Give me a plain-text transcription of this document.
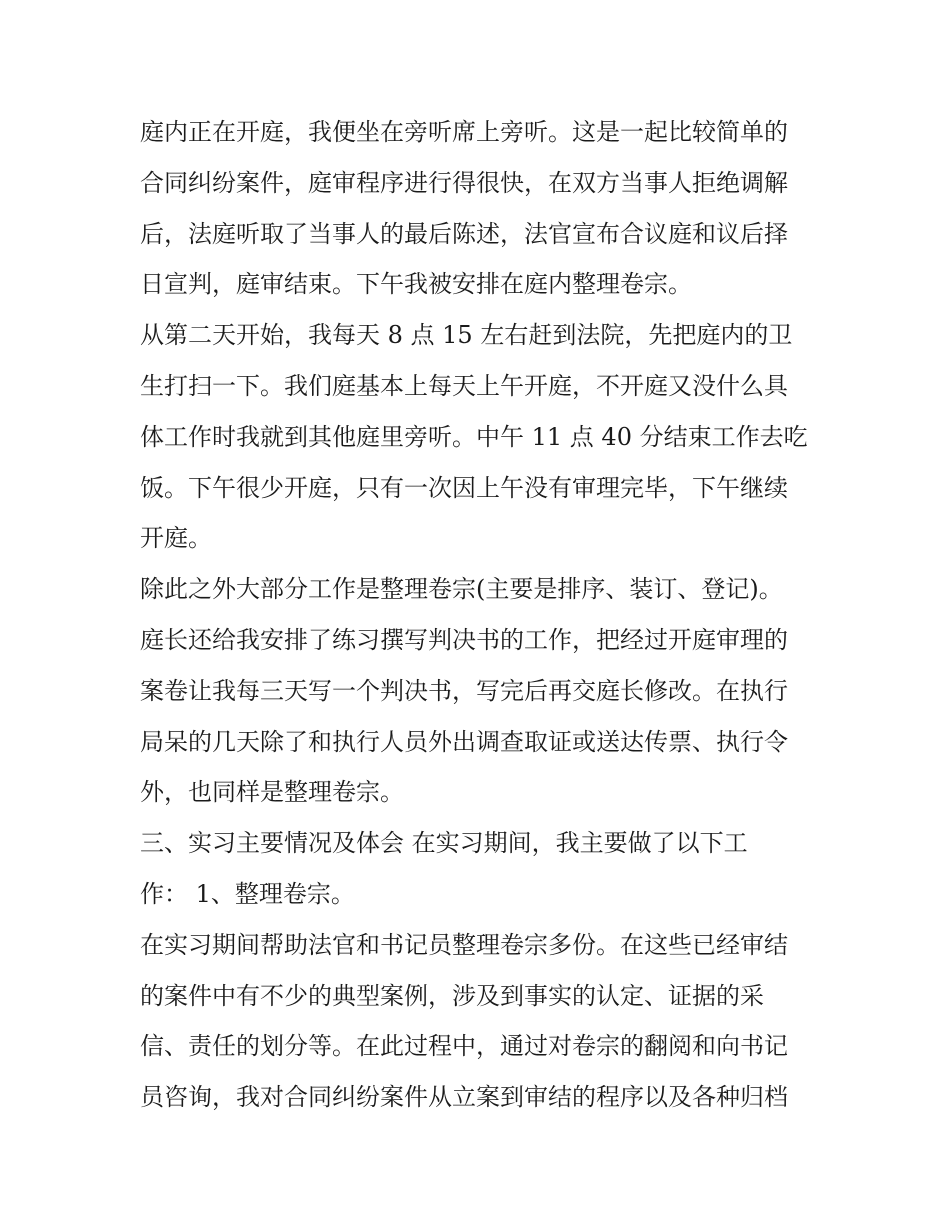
庭内正在开庭，我便坐在旁听席上旁听。这是一起比较简单的
合同纠纷案件，庭审程序进行得很快，在双方当事人拒绝调解
后，法庭听取了当事人的最后陈述，法官宣布合议庭和议后择
日宣判，庭审结束。下午我被安排在庭内整理卷宗。
从第二天开始，我每天 8 点 15 左右赶到法院，先把庭内的卫
生打扫一下。我们庭基本上每天上午开庭，不开庭又没什么具
体工作时我就到其他庭里旁听。中午 11 点 40 分结束工作去吃
饭。下午很少开庭，只有一次因上午没有审理完毕，下午继续
开庭。
除此之外大部分工作是整理卷宗(主要是排序、装订、登记)。
庭长还给我安排了练习撰写判决书的工作，把经过开庭审理的
案卷让我每三天写一个判决书，写完后再交庭长修改。在执行
局呆的几天除了和执行人员外出调查取证或送达传票、执行令
外，也同样是整理卷宗。
三、实习主要情况及体会 在实习期间，我主要做了以下工
作： 1、整理卷宗。
在实习期间帮助法官和书记员整理卷宗多份。在这些已经审结
的案件中有不少的典型案例，涉及到事实的认定、证据的采
信、责任的划分等。在此过程中，通过对卷宗的翻阅和向书记
员咨询，我对合同纠纷案件从立案到审结的程序以及各种归档
